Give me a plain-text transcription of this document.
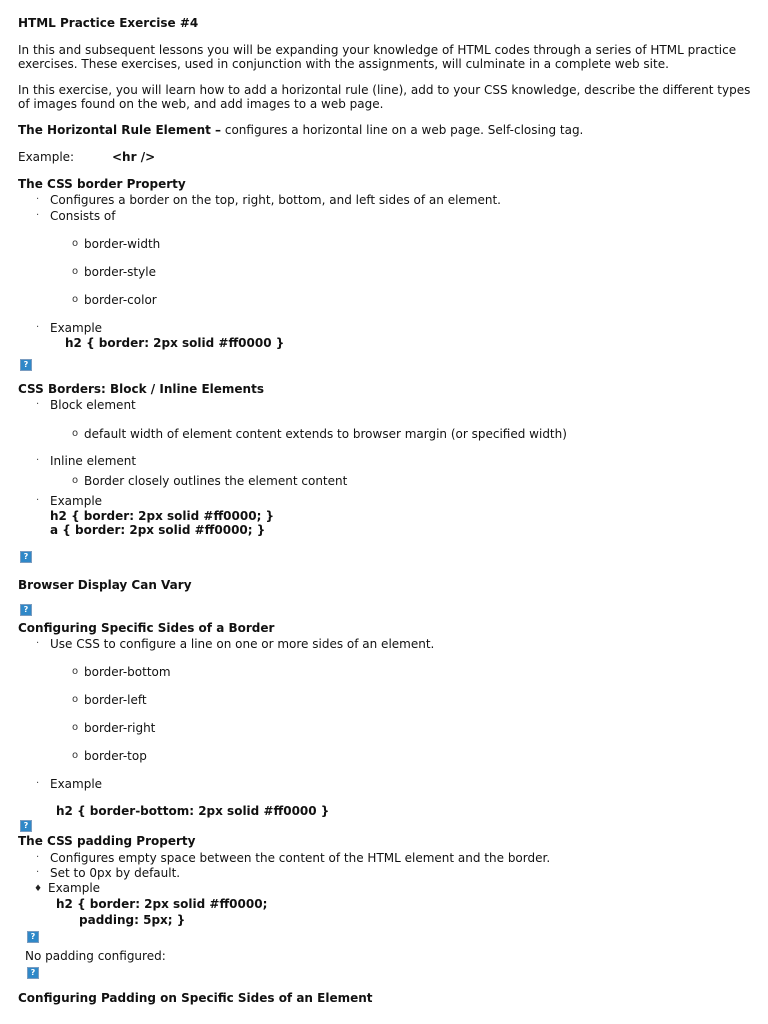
HTML Practice Exercise #4
In this and subsequent lessons you will be expanding your knowledge of HTML codes through a series of HTML practice exercises. These exercises, used in conjunction with the assignments, will culminate in a complete web site.
In this exercise, you will learn how to add a horizontal rule (line), add to your CSS knowledge, describe the different types of images found on the web, and add images to a web page.
The Horizontal Rule Element – configures a horizontal line on a web page. Self-closing tag.
Example:	<hr />
The CSS border Property
· Configures a border on the top, right, bottom, and left sides of an element.
· Consists of
o border-width
o border-style
o border-color
· Example
h2 { border: 2px solid #ff0000 }
?
CSS Borders: Block / Inline Elements
· Block element
o default width of element content extends to browser margin (or specified width)
· Inline element
o Border closely outlines the element content
· Example
h2 { border: 2px solid #ff0000; }
a { border: 2px solid #ff0000; }
?
Browser Display Can Vary
?
Configuring Specific Sides of a Border
· Use CSS to configure a line on one or more sides of an element.
o border-bottom
o border-left
o border-right
o border-top
· Example
h2 { border-bottom: 2px solid #ff0000 }
?
The CSS padding Property
· Configures empty space between the content of the HTML element and the border.
· Set to 0px by default.
♦ Example
h2 { border: 2px solid #ff0000;
padding: 5px; }
?
No padding configured:
?
Configuring Padding on Specific Sides of an Element
